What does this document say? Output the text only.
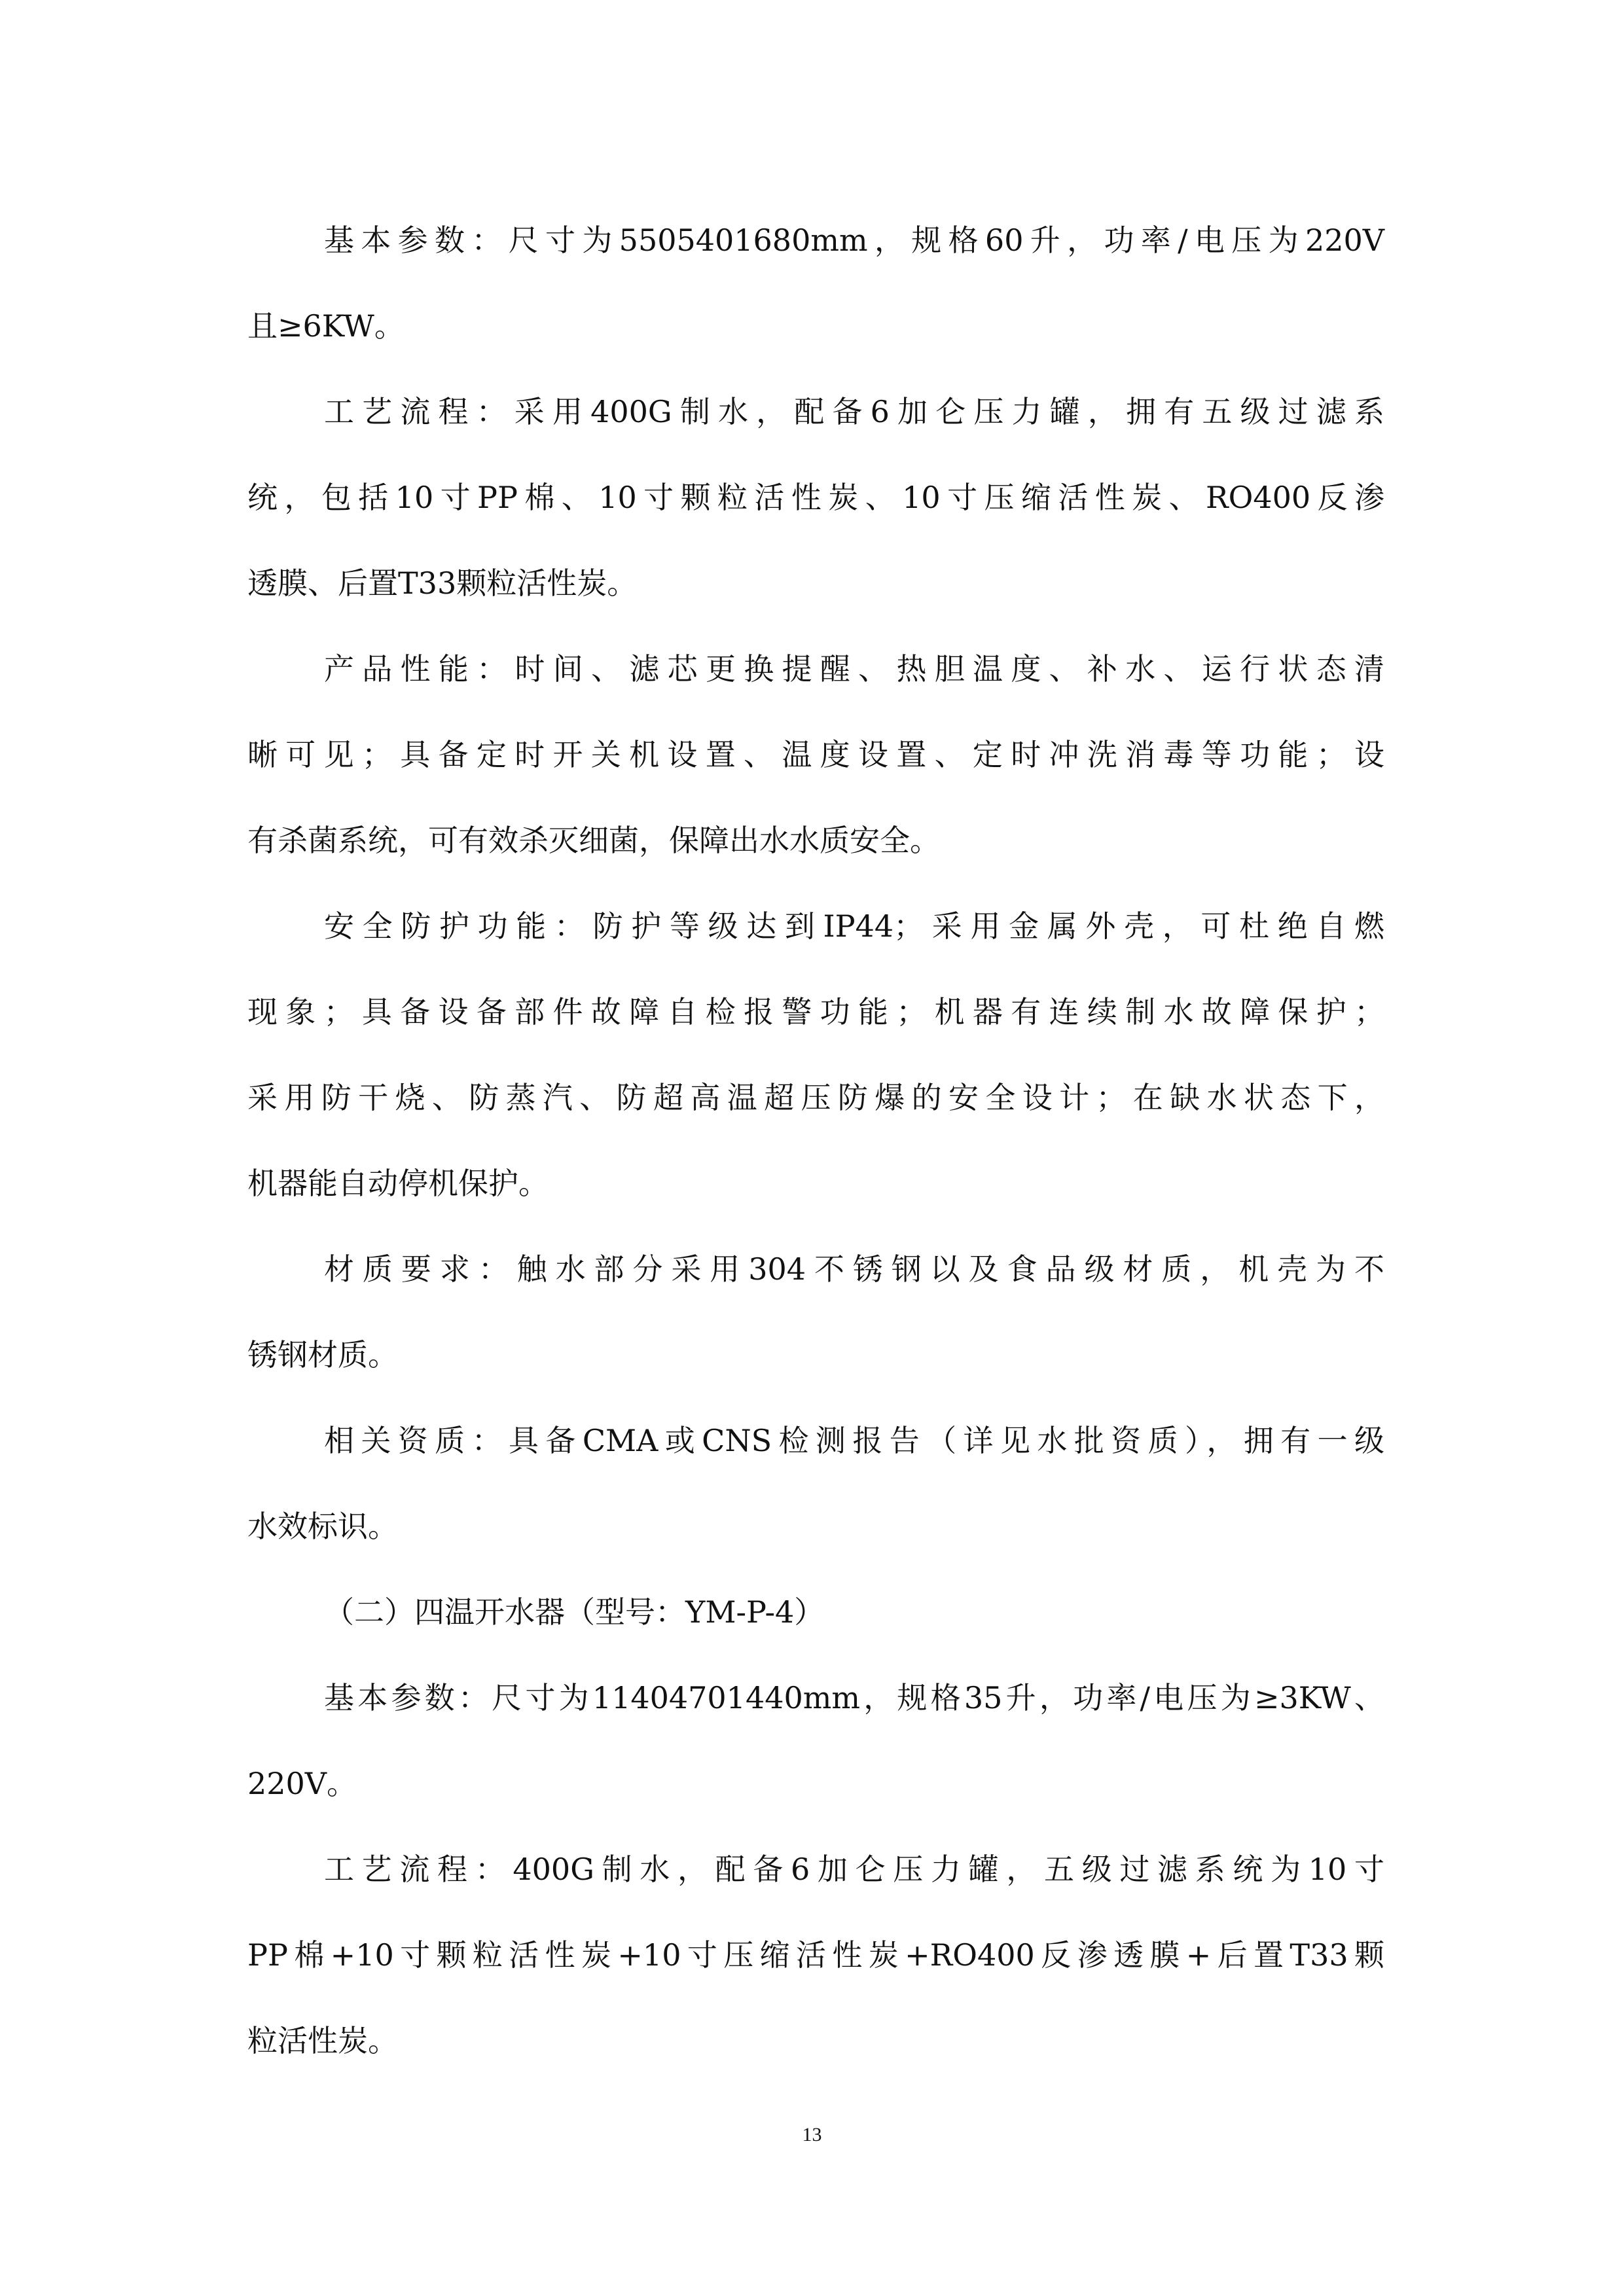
基本参数：尺寸为5505401680mm，规格60升，功率/电压为220V
且≥6KW。
工艺流程：采用400G制水，配备6加仑压力罐，拥有五级过滤系
统，包括10寸PP棉、10寸颗粒活性炭、10寸压缩活性炭、RO400反渗
透膜、后置T33颗粒活性炭。
产品性能：时间、滤芯更换提醒、热胆温度、补水、运行状态清
晰可见；具备定时开关机设置、温度设置、定时冲洗消毒等功能；设
有杀菌系统，可有效杀灭细菌，保障出水水质安全。
安全防护功能：防护等级达到IP44；采用金属外壳，可杜绝自燃
现象；具备设备部件故障自检报警功能；机器有连续制水故障保护；
采用防干烧、防蒸汽、防超高温超压防爆的安全设计；在缺水状态下，
机器能自动停机保护。
材质要求：触水部分采用304不锈钢以及食品级材质，机壳为不
锈钢材质。
相关资质：具备CMA或CNS检测报告（详见水批资质），拥有一级
水效标识。
（二）四温开水器（型号：YM-P-4）
基本参数：尺寸为11404701440mm，规格35升，功率/电压为≥3KW、
220V。
工艺流程：400G制水，配备6加仑压力罐，五级过滤系统为10寸
PP棉+10寸颗粒活性炭+10寸压缩活性炭+RO400反渗透膜+后置T33颗
粒活性炭。
13
